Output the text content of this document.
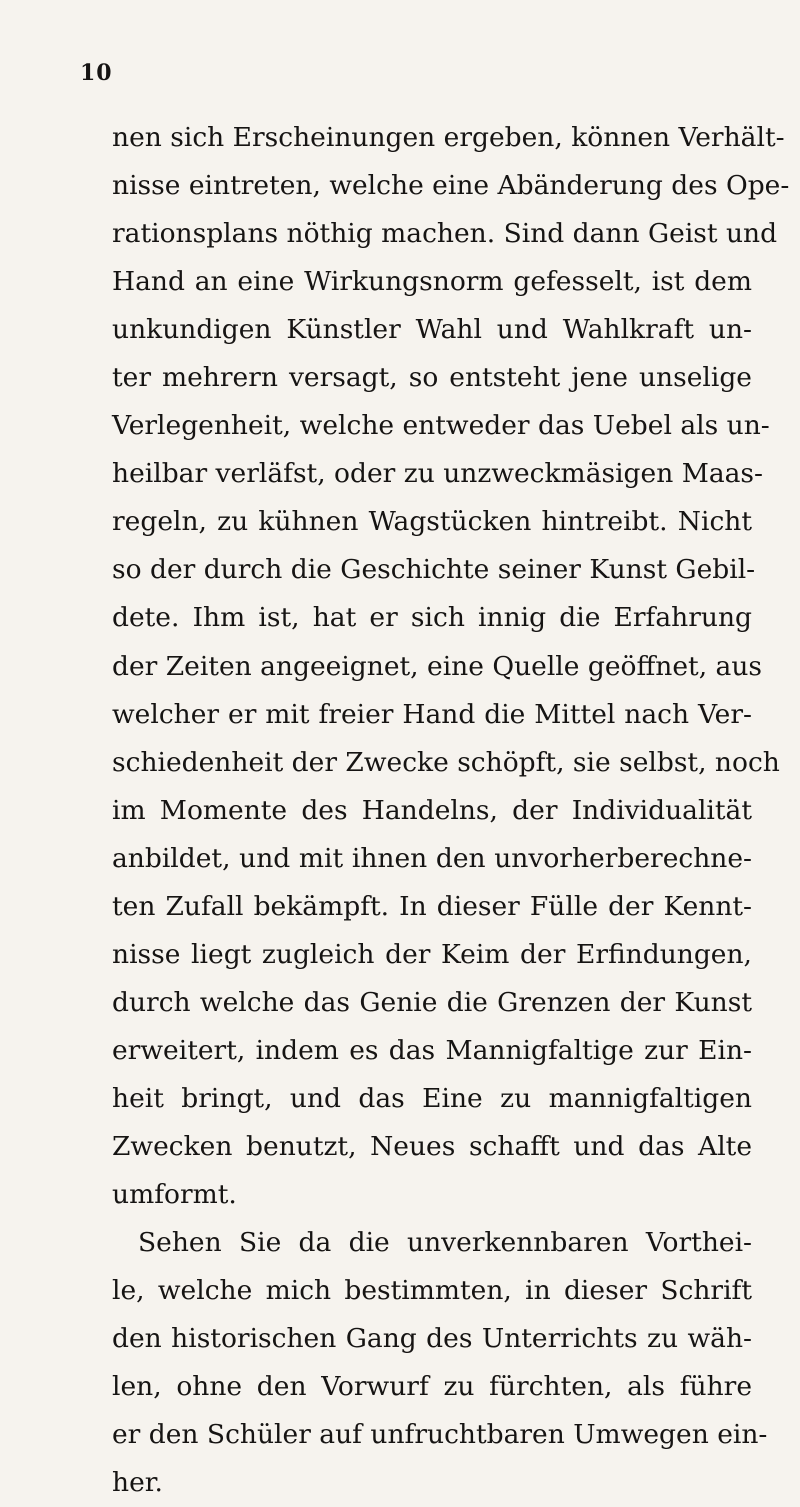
10
nen sich Erscheinungen ergeben, können Verhält-
nisse eintreten, welche eine Abänderung des Ope-
rationsplans nöthig machen. Sind dann Geist und
Hand an eine Wirkungsnorm gefesselt, ist dem
unkundigen Künstler Wahl und Wahlkraft un-
ter mehrern versagt, so entsteht jene unselige
Verlegenheit, welche entweder das Uebel als un-
heilbar verläfst, oder zu unzweckmäsigen Maas-
regeln, zu kühnen Wagstücken hintreibt. Nicht
so der durch die Geschichte seiner Kunst Gebil-
dete. Ihm ist, hat er sich innig die Erfahrung
der Zeiten angeeignet, eine Quelle geöffnet, aus
welcher er mit freier Hand die Mittel nach Ver-
schiedenheit der Zwecke schöpft, sie selbst, noch
im Momente des Handelns, der Individualität
anbildet, und mit ihnen den unvorherberechne-
ten Zufall bekämpft. In dieser Fülle der Kennt-
nisse liegt zugleich der Keim der Erfindungen,
durch welche das Genie die Grenzen der Kunst
erweitert, indem es das Mannigfaltige zur Ein-
heit bringt, und das Eine zu mannigfaltigen
Zwecken benutzt, Neues schafft und das Alte
umformt.
Sehen Sie da die unverkennbaren Vorthei-
le, welche mich bestimmten, in dieser Schrift
den historischen Gang des Unterrichts zu wäh-
len, ohne den Vorwurf zu fürchten, als führe
er den Schüler auf unfruchtbaren Umwegen ein-
her.
